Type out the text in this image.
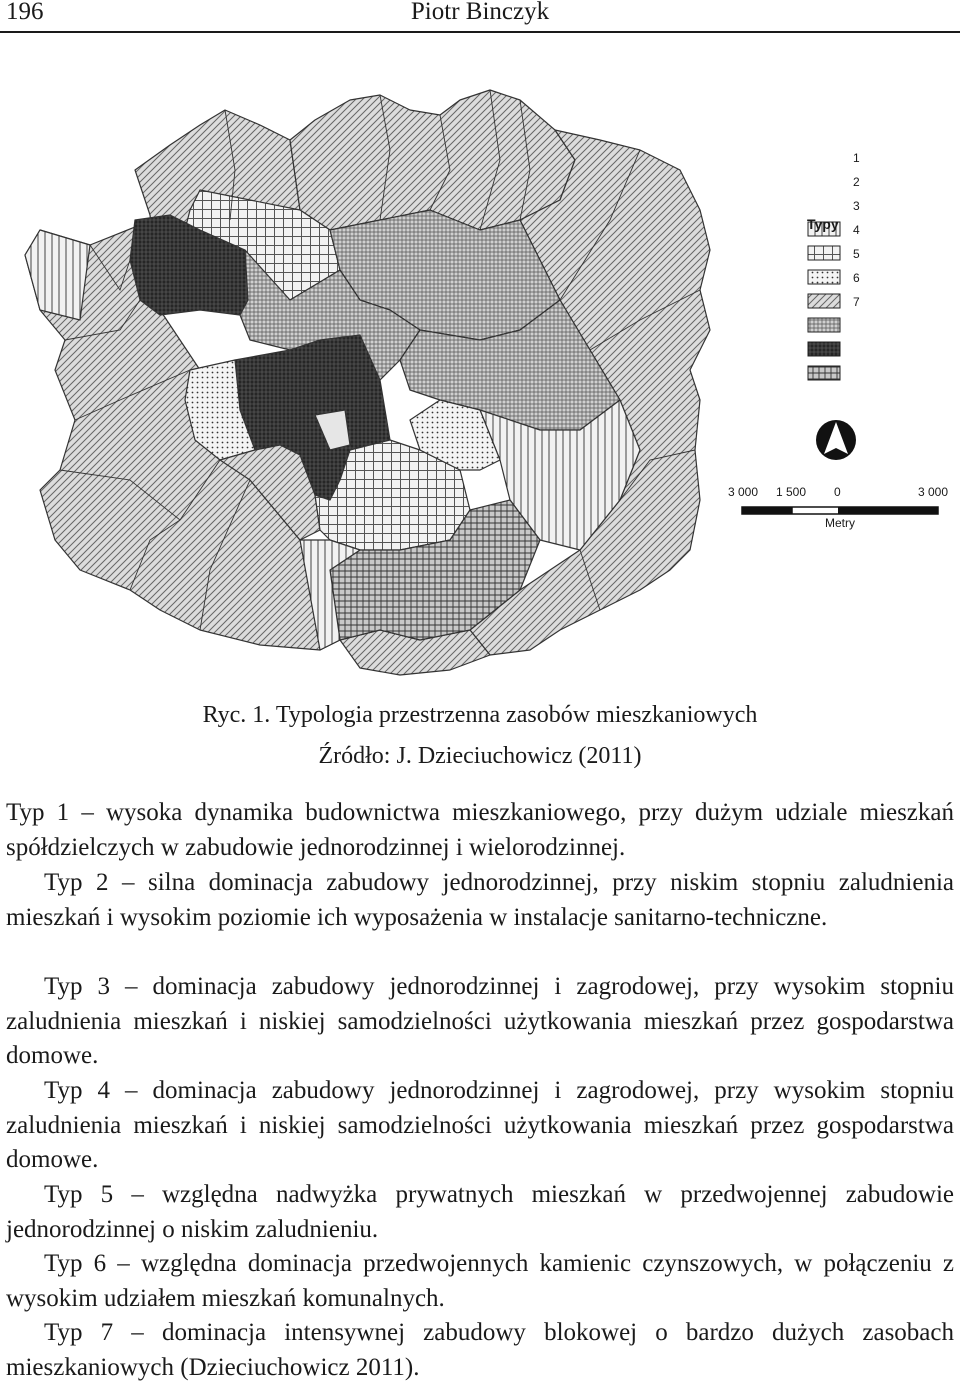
196	Piotr Binczyk
Typy
1
2
3
4
5
6
7
3 000 1 500 0	3 000
Metry
Ryc. 1. Typologia przestrzenna zasobów mieszkaniowych
Źródło: J. Dzieciuchowicz (2011)

Typ 1 – wysoka dynamika budownictwa mieszkaniowego, przy dużym udziale mieszkań spółdzielczych w zabudowie jednorodzinnej i wielorodzinnej.

Typ 2 – silna dominacja zabudowy jednorodzinnej, przy niskim stopniu zaludnienia mieszkań i wysokim poziomie ich wyposażenia w instalacje sanitarno-techniczne.

Typ 3 – dominacja zabudowy jednorodzinnej i zagrodowej, przy wysokim stopniu zaludnienia mieszkań i niskiej samodzielności użytkowania mieszkań przez gospodarstwa domowe.

Typ 4 – dominacja zabudowy jednorodzinnej i zagrodowej, przy wysokim stopniu zaludnienia mieszkań i niskiej samodzielności użytkowania mieszkań przez gospodarstwa domowe.

Typ 5 – względna nadwyżka prywatnych mieszkań w przedwojennej zabudowie jednorodzinnej o niskim zaludnieniu.

Typ 6 – względna dominacja przedwojennych kamienic czynszowych, w połączeniu z wysokim udziałem mieszkań komunalnych.

Typ 7 – dominacja intensywnej zabudowy blokowej o bardzo dużych zasobach mieszkaniowych (Dzieciuchowicz 2011).
